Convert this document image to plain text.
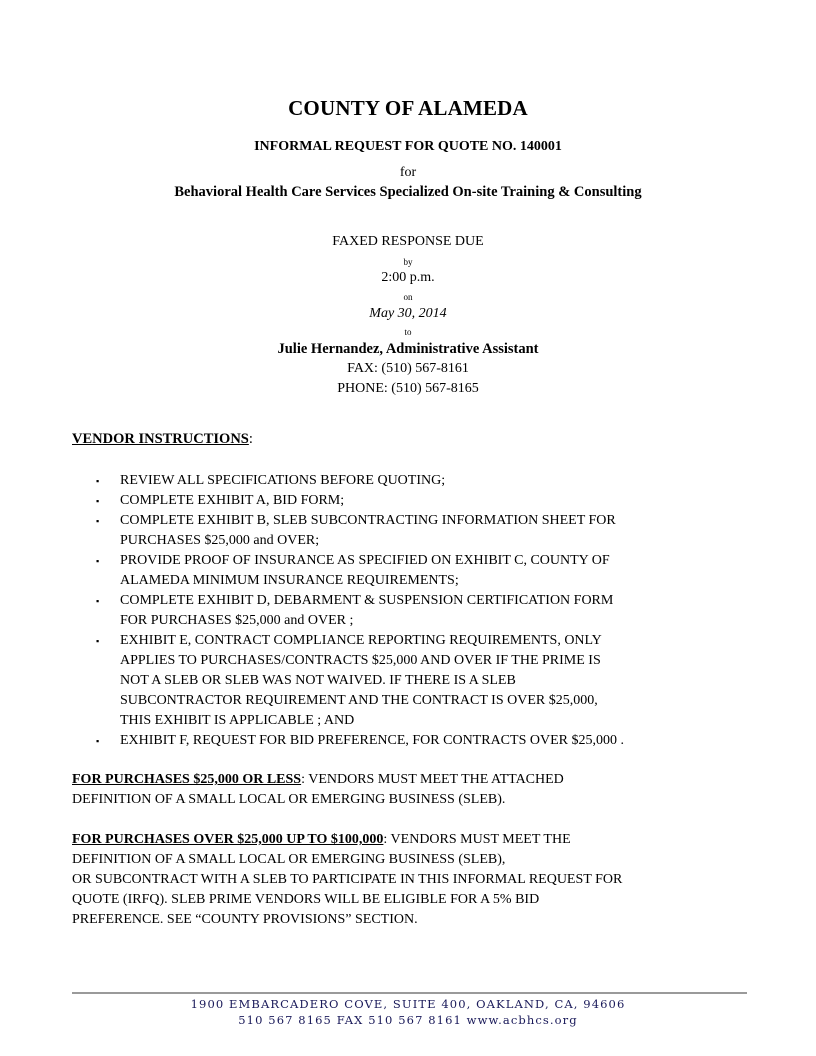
COUNTY OF ALAMEDA
INFORMAL REQUEST FOR QUOTE NO. 140001
for
Behavioral Health Care Services Specialized On-site Training & Consulting
FAXED RESPONSE DUE
by
2:00 p.m.
on
May 30, 2014
to
Julie Hernandez, Administrative Assistant
FAX: (510) 567-8161
PHONE: (510) 567-8165
VENDOR INSTRUCTIONS:
▪ REVIEW ALL SPECIFICATIONS BEFORE QUOTING;
▪ COMPLETE EXHIBIT A, BID FORM;
▪ COMPLETE EXHIBIT B, SLEB SUBCONTRACTING INFORMATION SHEET FOR
PURCHASES $25,000 and OVER;
▪ PROVIDE PROOF OF INSURANCE AS SPECIFIED ON EXHIBIT C, COUNTY OF
ALAMEDA MINIMUM INSURANCE REQUIREMENTS;
▪ COMPLETE EXHIBIT D, DEBARMENT & SUSPENSION CERTIFICATION FORM
FOR PURCHASES $25,000 and OVER ;
▪ EXHIBIT E, CONTRACT COMPLIANCE REPORTING REQUIREMENTS, ONLY
APPLIES TO PURCHASES/CONTRACTS $25,000 AND OVER IF THE PRIME IS
NOT A SLEB OR SLEB WAS NOT WAIVED. IF THERE IS A SLEB
SUBCONTRACTOR REQUIREMENT AND THE CONTRACT IS OVER $25,000,
THIS EXHIBIT IS APPLICABLE ; AND
▪ EXHIBIT F, REQUEST FOR BID PREFERENCE, FOR CONTRACTS OVER $25,000 .
FOR PURCHASES $25,000 OR LESS: VENDORS MUST MEET THE ATTACHED
DEFINITION OF A SMALL LOCAL OR EMERGING BUSINESS (SLEB).
FOR PURCHASES OVER $25,000 UP TO $100,000: VENDORS MUST MEET THE
DEFINITION OF A SMALL LOCAL OR EMERGING BUSINESS (SLEB),
OR SUBCONTRACT WITH A SLEB TO PARTICIPATE IN THIS INFORMAL REQUEST FOR
QUOTE (IRFQ). SLEB PRIME VENDORS WILL BE ELIGIBLE FOR A 5% BID
PREFERENCE. SEE “COUNTY PROVISIONS” SECTION.
1900 EMBARCADERO COVE, SUITE 400, OAKLAND, CA, 94606
510 567 8165 FAX 510 567 8161 www.acbhcs.org
